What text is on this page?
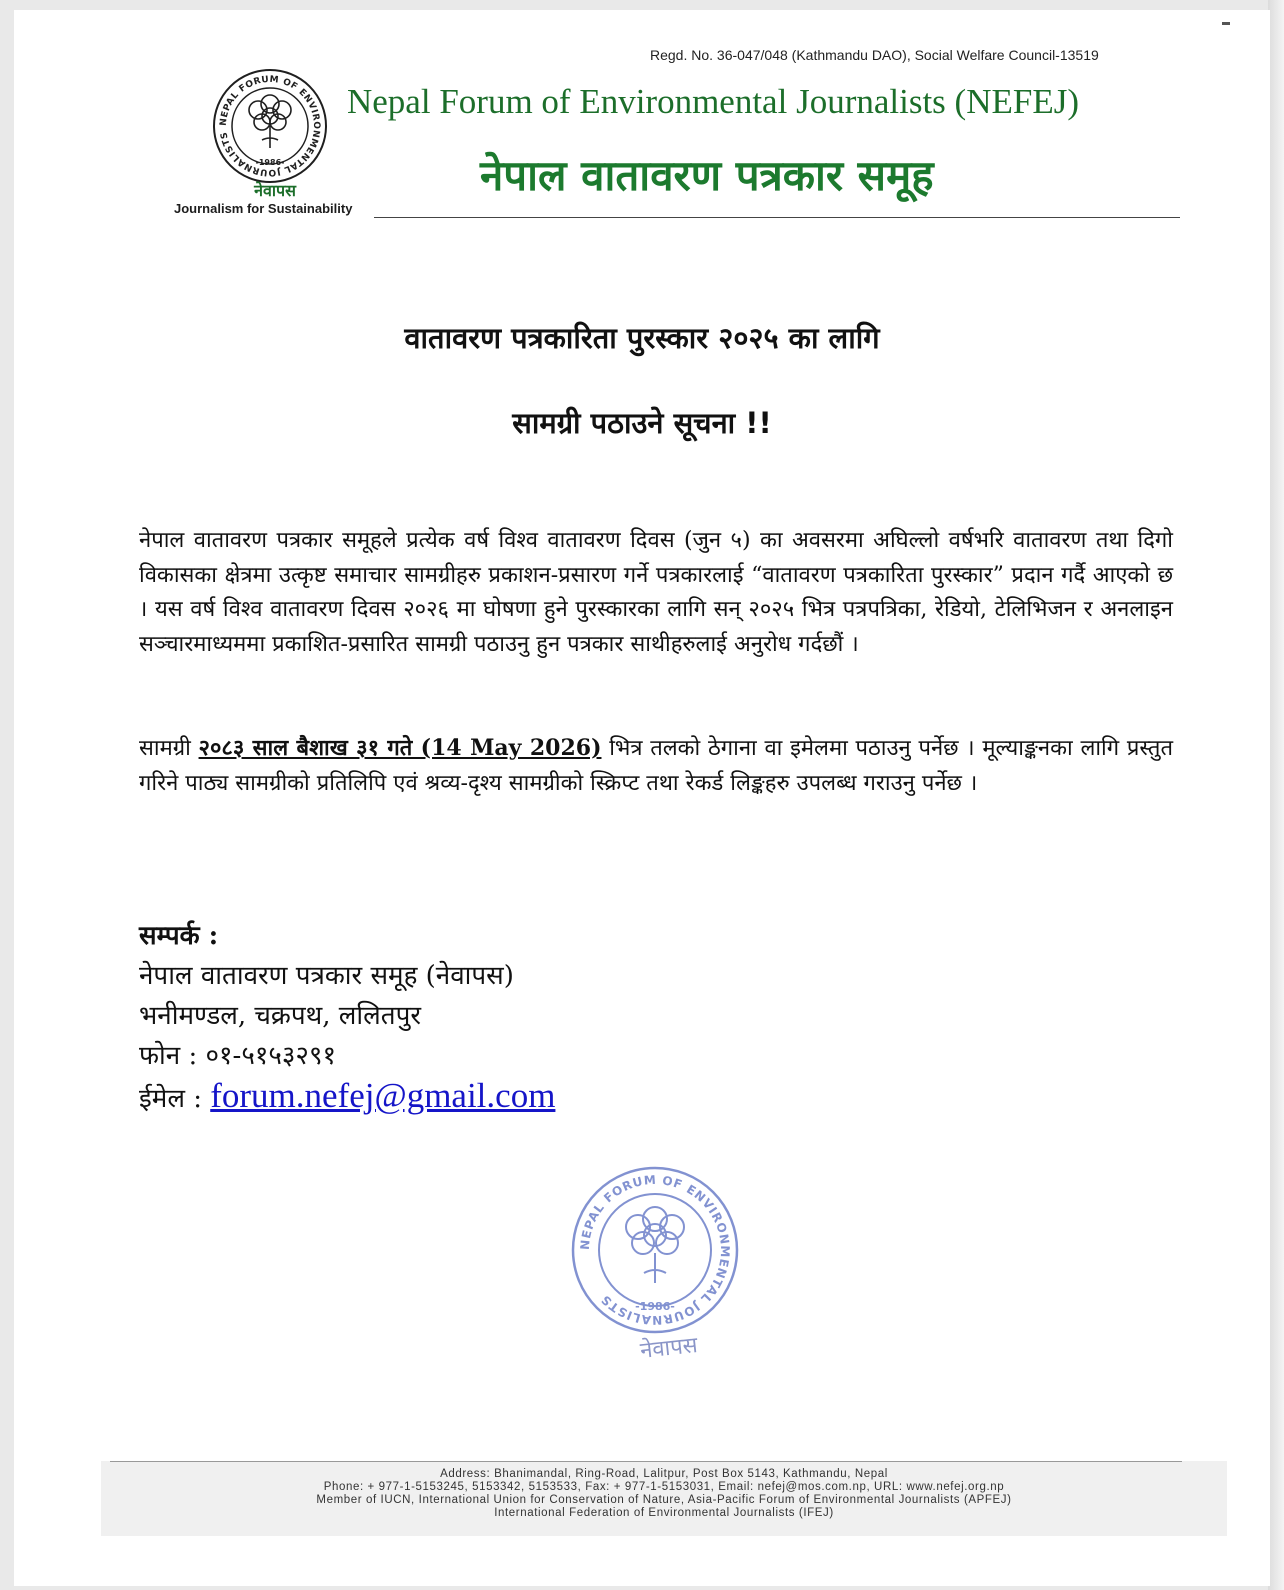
Regd. No. 36-047/048 (Kathmandu DAO), Social Welfare Council-13519
NEPAL FORUM OF ENVIRONMENTAL JOURNALISTS
-1986-
नेवापस
Journalism for Sustainability
Nepal Forum of Environmental Journalists (NEFEJ)
नेपाल वातावरण पत्रकार समूह
वातावरण पत्रकारिता पुरस्कार २०२५ का लागि
सामग्री पठाउने सूचना !!
नेपाल वातावरण पत्रकार समूहले प्रत्येक वर्ष विश्व वातावरण दिवस (जुन ५) का अवसरमा अघिल्लो वर्षभरि वातावरण तथा दिगो विकासका क्षेत्रमा उत्कृष्ट समाचार सामग्रीहरु प्रकाशन-प्रसारण गर्ने पत्रकारलाई “वातावरण पत्रकारिता पुरस्कार” प्रदान गर्दै आएको छ । यस वर्ष विश्व वातावरण दिवस २०२६ मा घोषणा हुने पुरस्कारका लागि सन् २०२५ भित्र पत्रपत्रिका, रेडियो, टेलिभिजन र अनलाइन सञ्चारमाध्यममा प्रकाशित-प्रसारित सामग्री पठाउनु हुन पत्रकार साथीहरुलाई अनुरोध गर्दछौं ।
सामग्री २०८३ साल बैशाख ३१ गते (14 May 2026) भित्र तलको ठेगाना वा इमेलमा पठाउनु पर्नेछ । मूल्याङ्कनका लागि प्रस्तुत गरिने पाठ्य सामग्रीको प्रतिलिपि एवं श्रव्य-दृश्य सामग्रीको स्क्रिप्ट तथा रेकर्ड लिङ्कहरु उपलब्ध गराउनु पर्नेछ ।
सम्पर्क :
नेपाल वातावरण पत्रकार समूह (नेवापस)
भनीमण्डल, चक्रपथ, ललितपुर
फोन : ०१-५१५३२९१
ईमेल : forum.nefej@gmail.com
NEPAL FORUM OF ENVIRONMENTAL JOURNALISTS	-1986-
नेवापस
Address: Bhanimandal, Ring-Road, Lalitpur, Post Box 5143, Kathmandu, Nepal
Phone: + 977-1-5153245, 5153342, 5153533, Fax: + 977-1-5153031, Email: nefej@mos.com.np, URL: www.nefej.org.np
Member of IUCN, International Union for Conservation of Nature, Asia-Pacific Forum of Environmental Journalists (APFEJ)
International Federation of Environmental Journalists (IFEJ)
